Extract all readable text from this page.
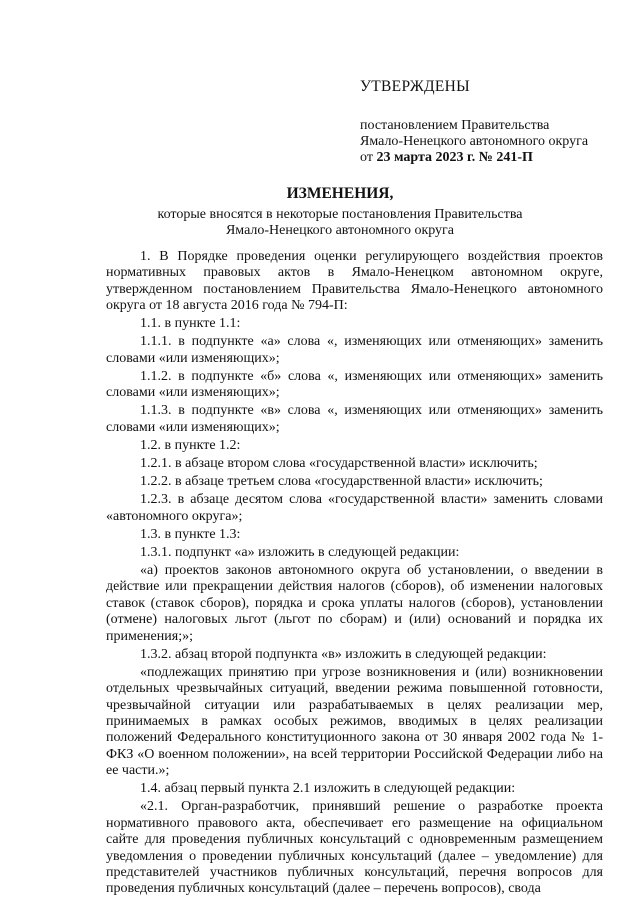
УТВЕРЖДЕНЫ
постановлением Правительства
Ямало-Ненецкого автономного округа
от 23 марта 2023 г. № 241-П
ИЗМЕНЕНИЯ,
которые вносятся в некоторые постановления Правительства
Ямало-Ненецкого автономного округа

1. В Порядке проведения оценки регулирующего воздействия проектов нормативных правовых актов в Ямало-Ненецком автономном округе, утвержденном постановлением Правительства Ямало-Ненецкого автономного округа от 18 августа 2016 года № 794-П:

1.1. в пункте 1.1:

1.1.1. в подпункте «а» слова «, изменяющих или отменяющих» заменить словами «или изменяющих»;

1.1.2. в подпункте «б» слова «, изменяющих или отменяющих» заменить словами «или изменяющих»;

1.1.3. в подпункте «в» слова «, изменяющих или отменяющих» заменить словами «или изменяющих»;

1.2. в пункте 1.2:

1.2.1. в абзаце втором слова «государственной власти» исключить;

1.2.2. в абзаце третьем слова «государственной власти» исключить;

1.2.3. в абзаце десятом слова «государственной власти» заменить словами «автономного округа»;

1.3. в пункте 1.3:

1.3.1. подпункт «а» изложить в следующей редакции:

«а) проектов законов автономного округа об установлении, о введении в действие или прекращении действия налогов (сборов), об изменении налоговых ставок (ставок сборов), порядка и срока уплаты налогов (сборов), установлении (отмене) налоговых льгот (льгот по сборам) и (или) оснований и порядка их применения;»;

1.3.2. абзац второй подпункта «в» изложить в следующей редакции:

«подлежащих принятию при угрозе возникновения и (или) возникновении отдельных чрезвычайных ситуаций, введении режима повышенной готовности, чрезвычайной ситуации или разрабатываемых в целях реализации мер, принимаемых в рамках особых режимов, вводимых в целях реализации положений Федерального конституционного закона от 30 января 2002 года № 1-ФКЗ «О военном положении», на всей территории Российской Федерации либо на ее части.»;

1.4. абзац первый пункта 2.1 изложить в следующей редакции:

«2.1. Орган-разработчик, принявший решение о разработке проекта нормативного правового акта, обеспечивает его размещение на официальном сайте для проведения публичных консультаций с одновременным размещением уведомления о проведении публичных консультаций (далее – уведомление) для представителей участников публичных консультаций, перечня вопросов для проведения публичных консультаций (далее – перечень вопросов), свода
